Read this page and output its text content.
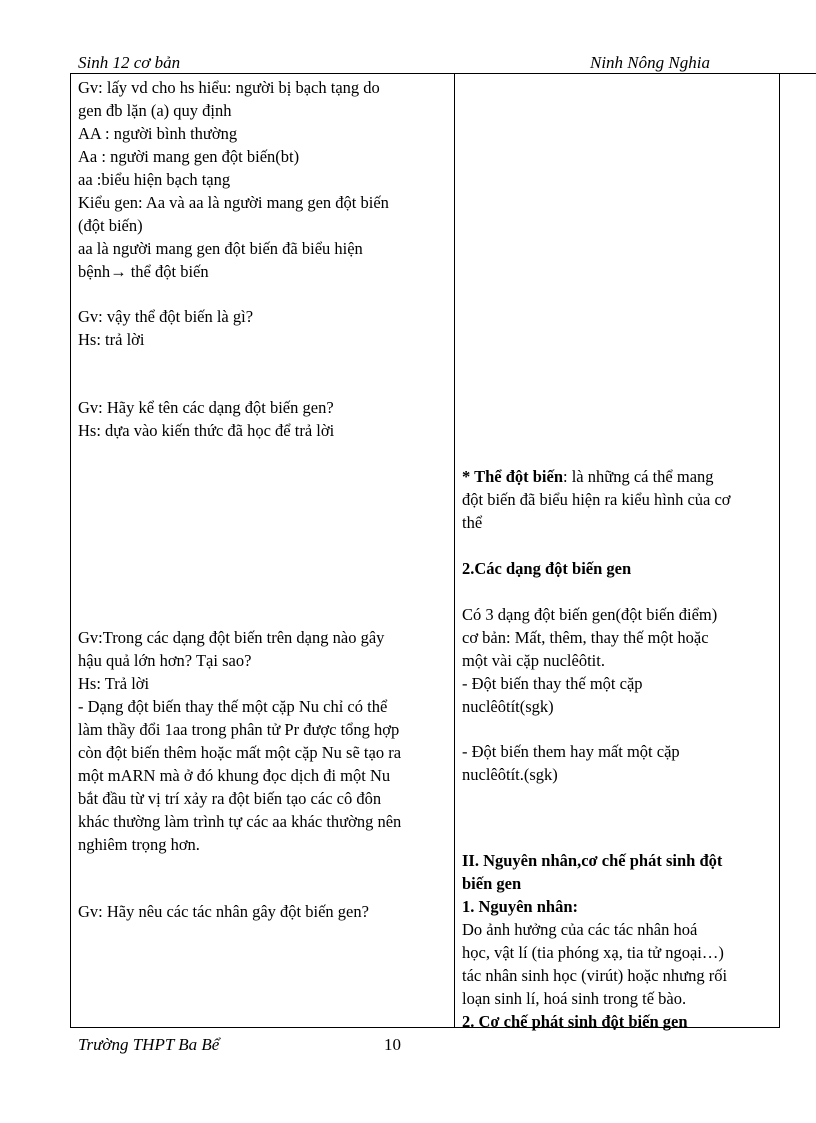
Sinh 12 cơ bản	Ninh Nông Nghia
Gv: lấy vd cho hs hiểu: người bị bạch tạng do
gen đb lặn (a) quy định
AA : người bình thường
Aa : người mang gen đột biến(bt)
aa :biểu hiện bạch tạng
Kiểu gen: Aa và aa là người mang gen đột biến
(đột biến)
aa là người mang gen đột biến đã biểu hiện
bệnh→ thể đột biến
Gv: vậy thể đột biến là gì?
Hs: trả lời
Gv: Hãy kể tên các dạng đột biến gen?
Hs: dựa vào kiến thức đã học để trả lời
Gv:Trong các dạng đột biến trên dạng nào gây
hậu quả lớn hơn? Tại sao?
Hs: Trả lời
- Dạng đột biến thay thế một cặp Nu chỉ có thể
làm thầy đổi 1aa trong phân tử Pr được tổng hợp
còn đột biến thêm hoặc mất một cặp Nu sẽ tạo ra
một mARN mà ở đó khung đọc dịch đi một Nu
bắt đầu từ vị trí xảy ra đột biến tạo các cô đôn
khác thường làm trình tự các aa khác thường nên
nghiêm trọng hơn.
Gv: Hãy nêu các tác nhân gây đột biến gen?
* Thể đột biến: là những cá thể mang
đột biến đã biểu hiện ra kiểu hình của cơ
thể
2.Các dạng đột biến gen
Có 3 dạng đột biến gen(đột biến điểm)
cơ bản: Mất, thêm, thay thế một hoặc
một vài cặp nuclêôtit.
- Đột biến thay thế một cặp
nuclêôtít(sgk)
- Đột biến them hay mất một cặp
nuclêôtít.(sgk)
II. Nguyên nhân,cơ chế phát sinh đột
biến gen
1. Nguyên nhân:
Do ảnh hưởng của các tác nhân hoá
học, vật lí (tia phóng xạ, tia tử ngoại…)
tác nhân sinh học (virút) hoặc nhưng rối
loạn sinh lí, hoá sinh trong tế bào.
2. Cơ chế phát sinh đột biến gen
Trường THPT Ba Bể	10
